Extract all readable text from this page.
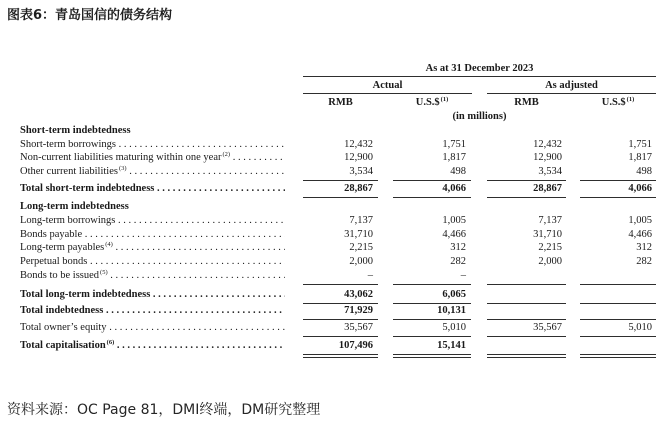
图表6：青岛国信的债务结构
As at 31 December 2023
Actual	As adjusted
RMB	U.S.\$$^{(1)}$	RMB	U.S.\$$^{(1)}$
(in millions)
Short-term indebtedness
Short-term borrowings . . .	12,432	1,751	12,432	1,751
Non-current liabilities maturing within one year$^{(2)}$ . . .	12,900	1,817	12,900	1,817
Other current liabilities$^{(3)}$ . . .	3,534	498	3,534	498
Total short-term indebtedness . . .	28,867	4,066	28,867	4,066
Long-term indebtedness
Long-term borrowings . . .	7,137	1,005	7,137	1,005
Bonds payable . . .	31,710	4,466	31,710	4,466
Long-term payables$^{(4)}$ . . .	2,215	312	2,215	312
Perpetual bonds . . .	2,000	282	2,000	282
Bonds to be issued$^{(5)}$ . . .	–	–
Total long-term indebtedness . . .	43,062	6,065
Total indebtedness . . .	71,929	10,131
Total owner’s equity . . .	35,567	5,010	35,567	5,010
Total capitalisation$^{(6)}$ . . .	107,496	15,141
资料来源：OC Page 81，DMI终端，DM研究整理
